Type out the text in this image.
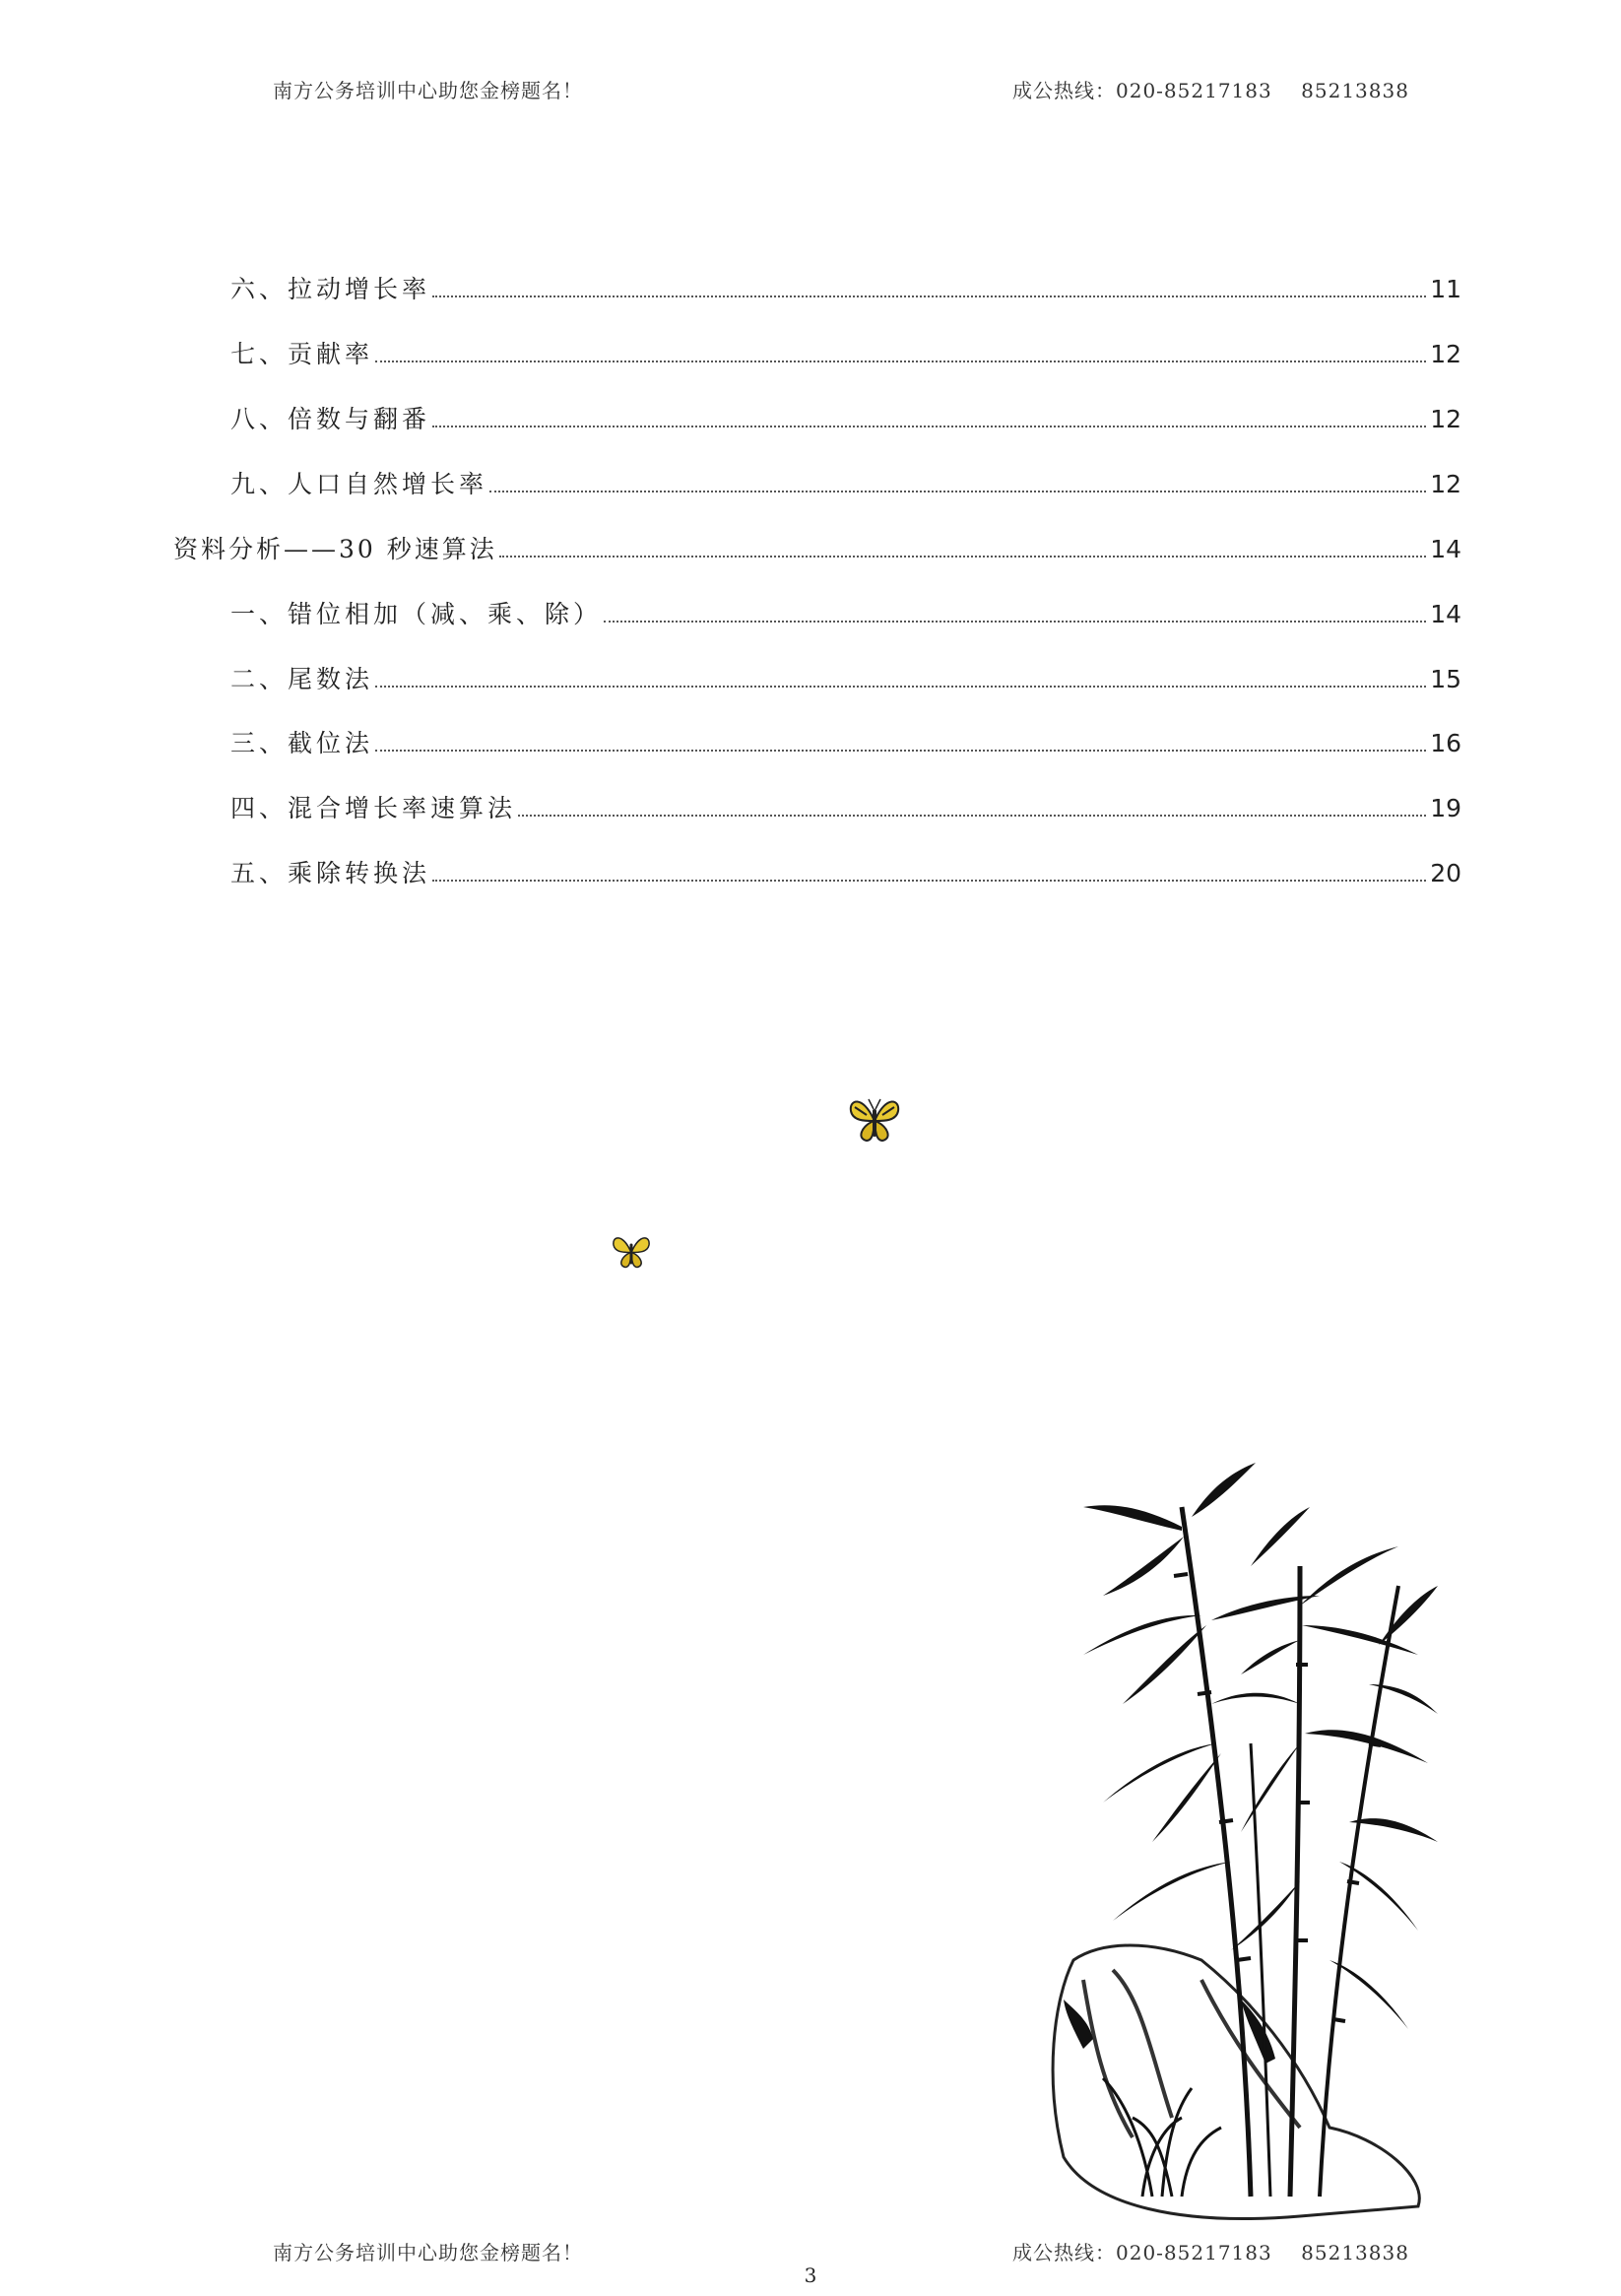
南方公务培训中心助您金榜题名！	成公热线：020-85217183    85213838
六、拉动增长率	11
七、贡献率	12
八、倍数与翻番	12
九、人口自然增长率	12
资料分析——30 秒速算法	14
一、错位相加（减、乘、除）	14
二、尾数法	15
三、截位法	16
四、混合增长率速算法	19
五、乘除转换法	20
南方公务培训中心助您金榜题名！	成公热线：020-85217183    85213838
3
